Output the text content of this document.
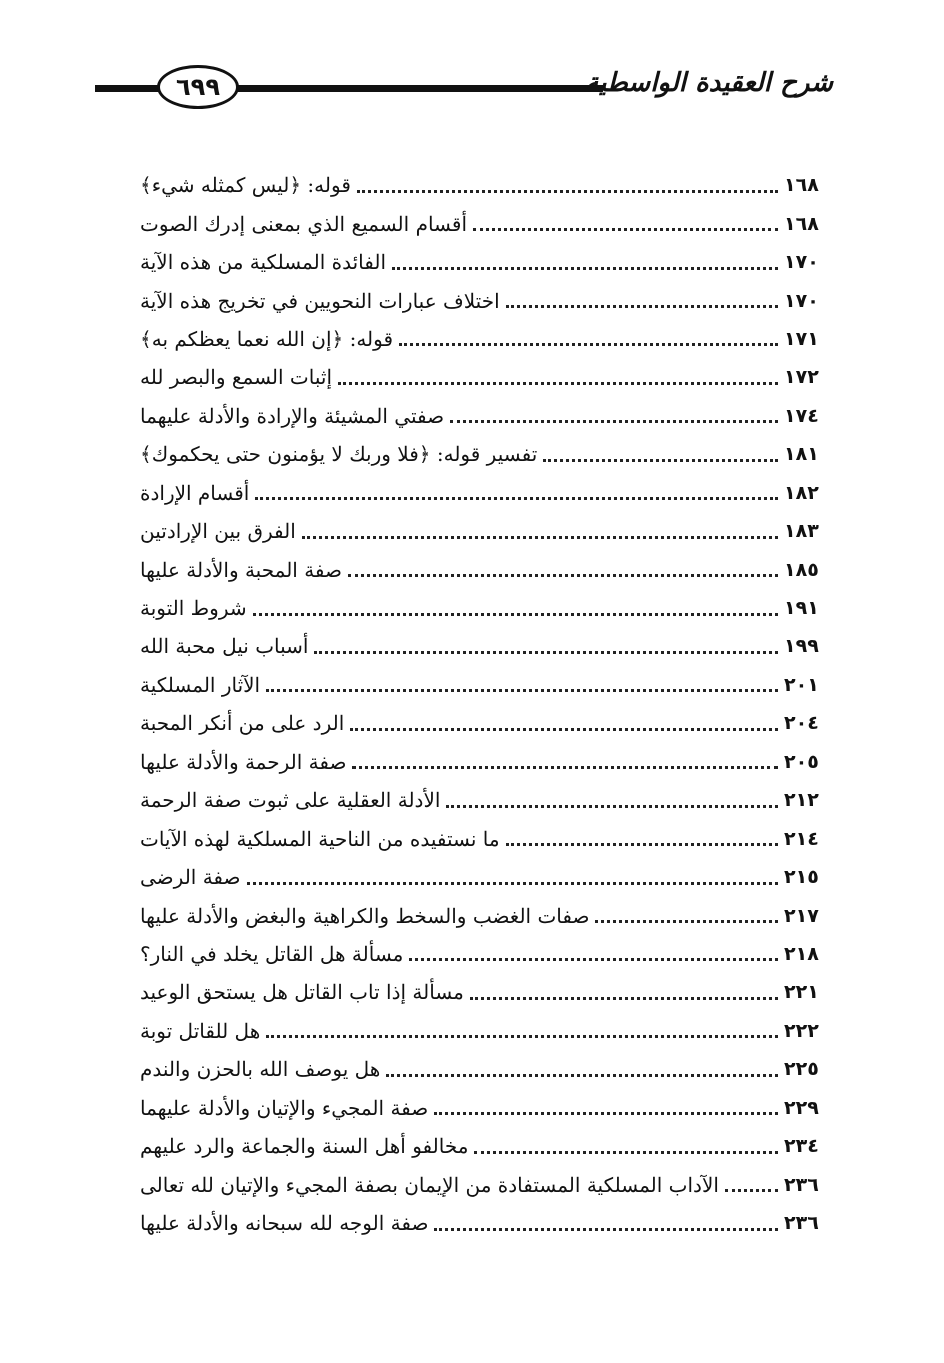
٦٩٩	شرح العقيدة الواسطية
قوله: ﴿ليس كمثله شيء﴾	١٦٨
أقسام السميع الذي بمعنى إدرك الصوت	١٦٨
الفائدة المسلكية من هذه الآية	١٧٠
اختلاف عبارات النحويين في تخريج هذه الآية	١٧٠
قوله: ﴿إن الله نعما يعظكم به﴾	١٧١
إثبات السمع والبصر لله	١٧٢
صفتي المشيئة والإرادة والأدلة عليهما	١٧٤
تفسير قوله: ﴿فلا وربك لا يؤمنون حتى يحكموك﴾	١٨١
أقسام الإرادة	١٨٢
الفرق بين الإرادتين	١٨٣
صفة المحبة والأدلة عليها	١٨٥
شروط التوبة	١٩١
أسباب نيل محبة الله	١٩٩
الآثار المسلكية	٢٠١
الرد على من أنكر المحبة	٢٠٤
صفة الرحمة والأدلة عليها	٢٠٥
الأدلة العقلية على ثبوت صفة الرحمة	٢١٢
ما نستفيده من الناحية المسلكية لهذه الآيات	٢١٤
صفة الرضى	٢١٥
صفات الغضب والسخط والكراهية والبغض والأدلة عليها	٢١٧
مسألة هل القاتل يخلد في النار؟	٢١٨
مسألة إذا تاب القاتل هل يستحق الوعيد	٢٢١
هل للقاتل توبة	٢٢٢
هل يوصف الله بالحزن والندم	٢٢٥
صفة المجيء والإتيان والأدلة عليهما	٢٢٩
مخالفو أهل السنة والجماعة والرد عليهم	٢٣٤
الآداب المسلكية المستفادة من الإيمان بصفة المجيء والإتيان لله تعالى	٢٣٦
صفة الوجه لله سبحانه والأدلة عليها	٢٣٦
